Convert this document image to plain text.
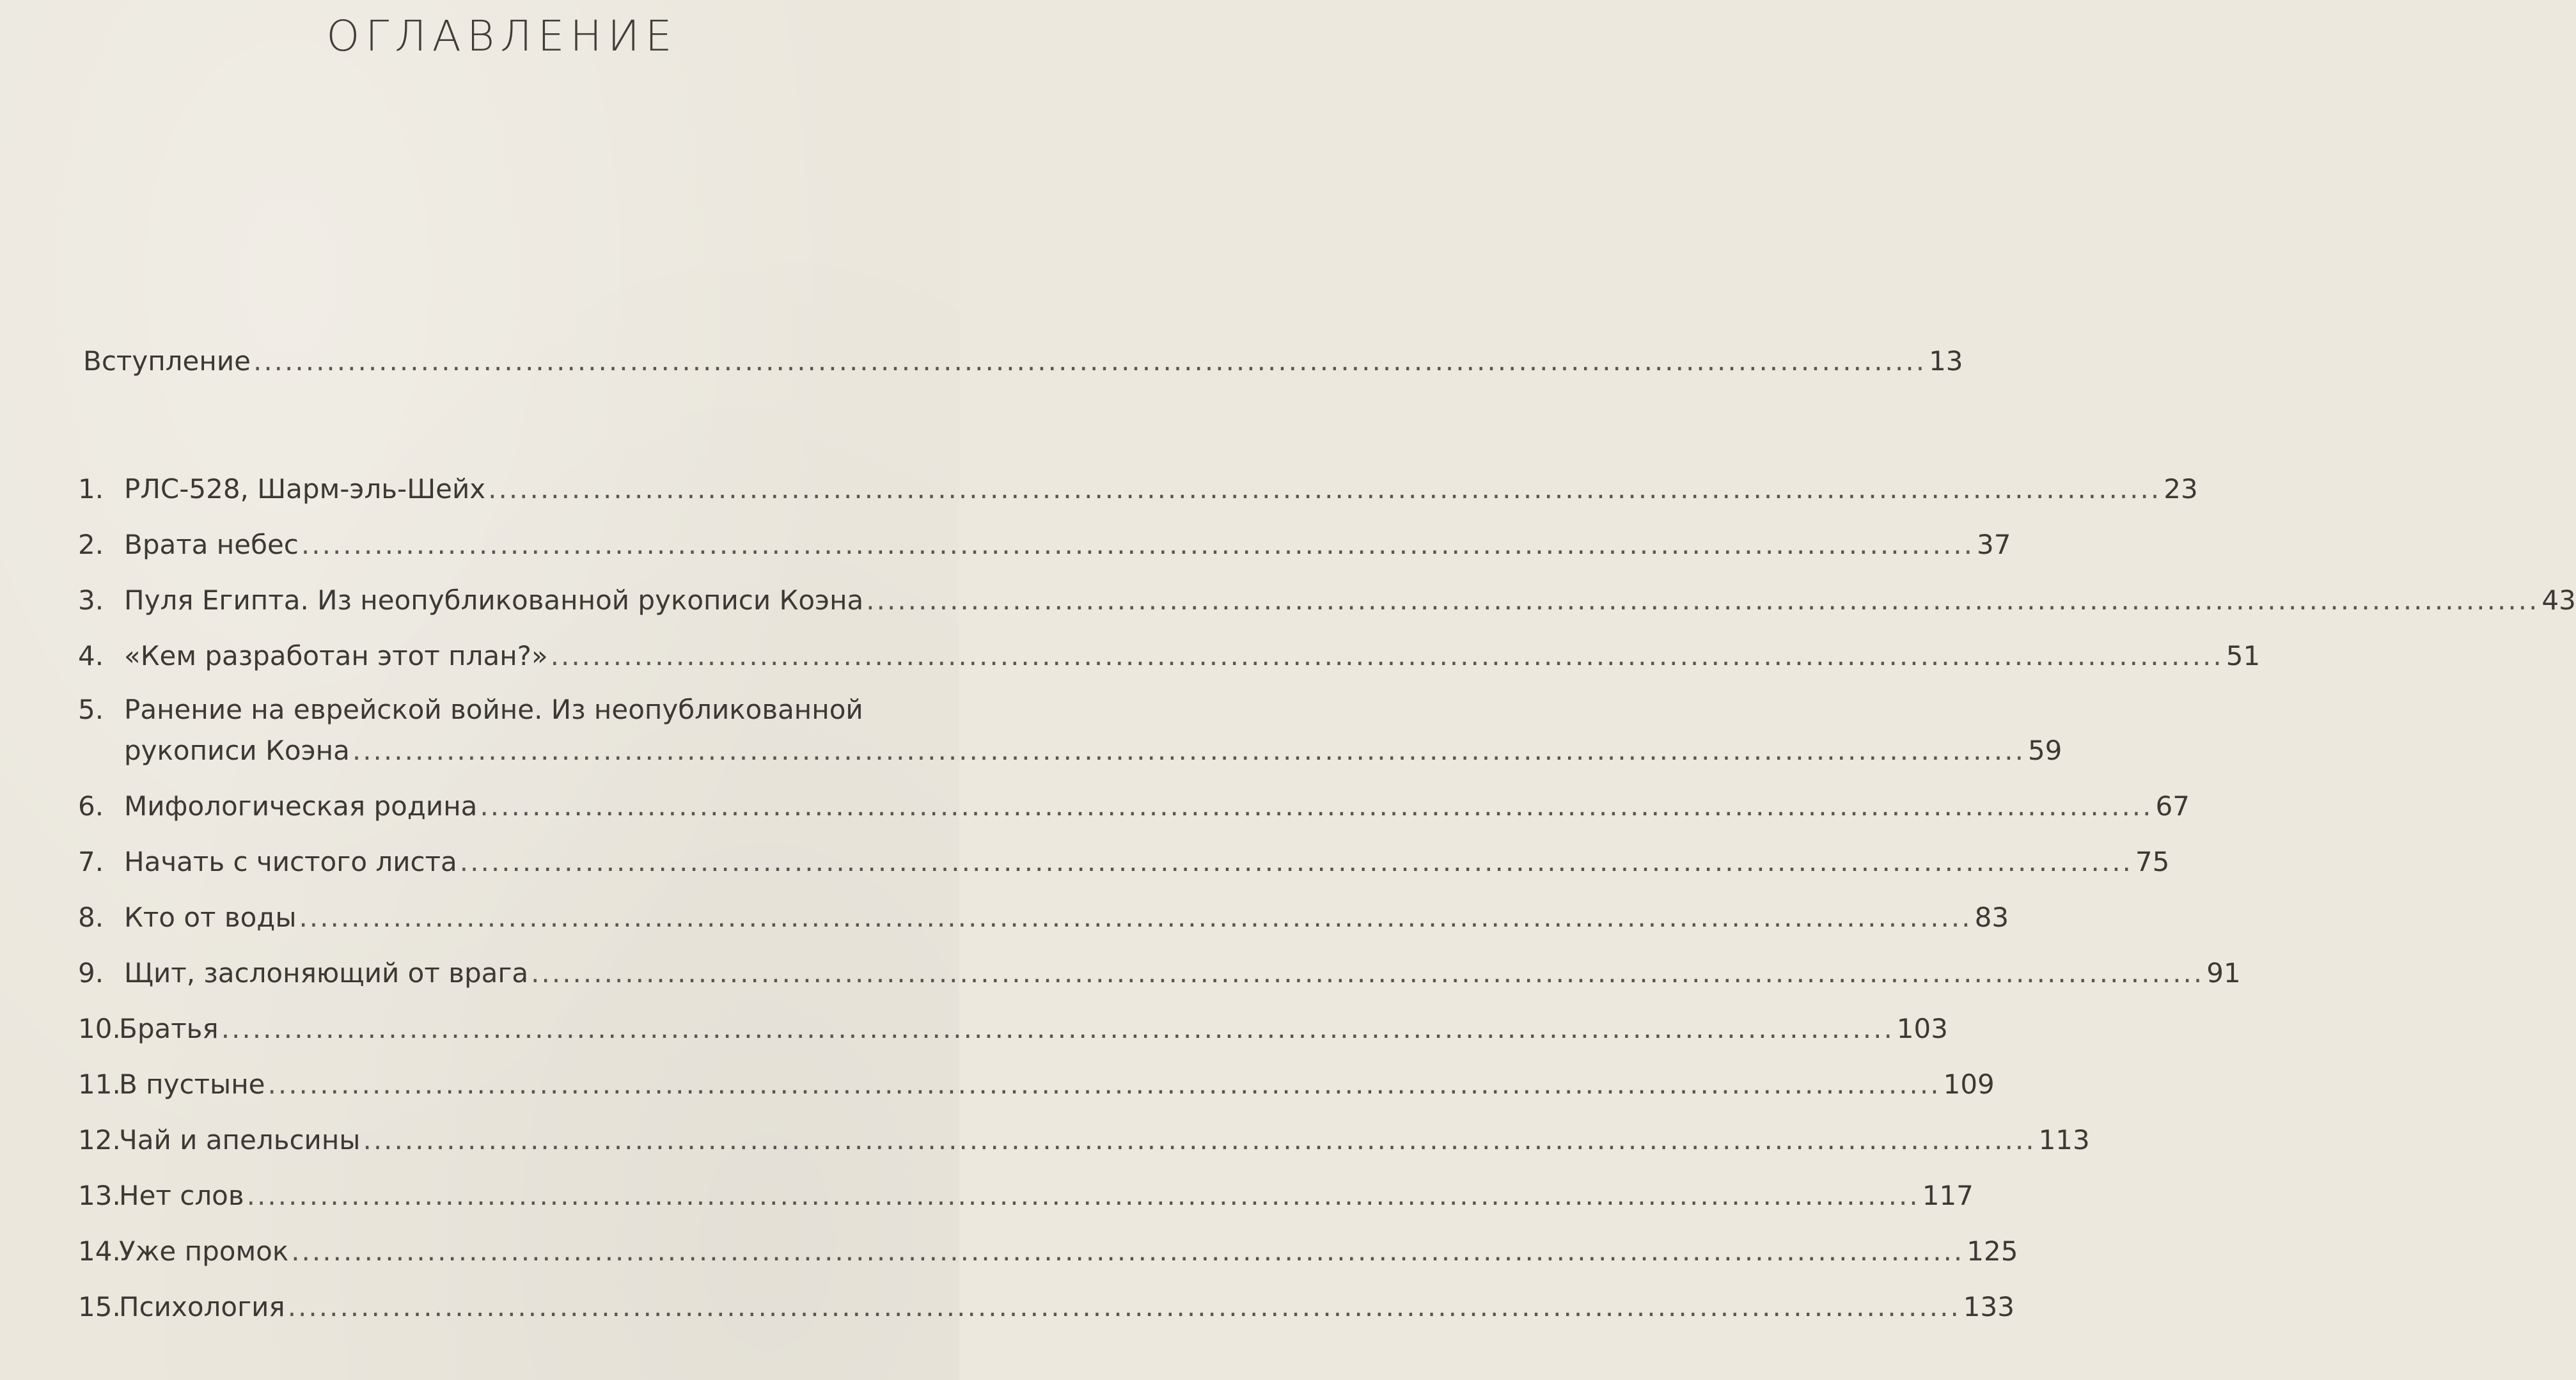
ОГЛАВЛЕНИЕ
Вступление ................................................................................................................................................................ 13
1. РЛС-528, Шарм-эль-Шейх ................................................................................................................................................................ 23
2. Врата небес ................................................................................................................................................................ 37
3. Пуля Египта. Из неопубликованной рукописи Коэна ................................................................................................................................................................ 43
4. «Кем разработан этот план?» ................................................................................................................................................................ 51
5. Ранение на еврейской войне. Из неопубликованной
рукописи Коэна ................................................................................................................................................................ 59
6. Мифологическая родина ................................................................................................................................................................ 67
7. Начать с чистого листа ................................................................................................................................................................ 75
8. Кто от воды ................................................................................................................................................................ 83
9. Щит, заслоняющий от врага ................................................................................................................................................................ 91
10.
Братья ................................................................................................................................................................ 103
11.
В пустыне ................................................................................................................................................................ 109
12.
Чай и апельсины ................................................................................................................................................................ 113
13.
Нет слов ................................................................................................................................................................ 117
14.
Уже промок ................................................................................................................................................................ 125
15.
Психология ................................................................................................................................................................ 133
